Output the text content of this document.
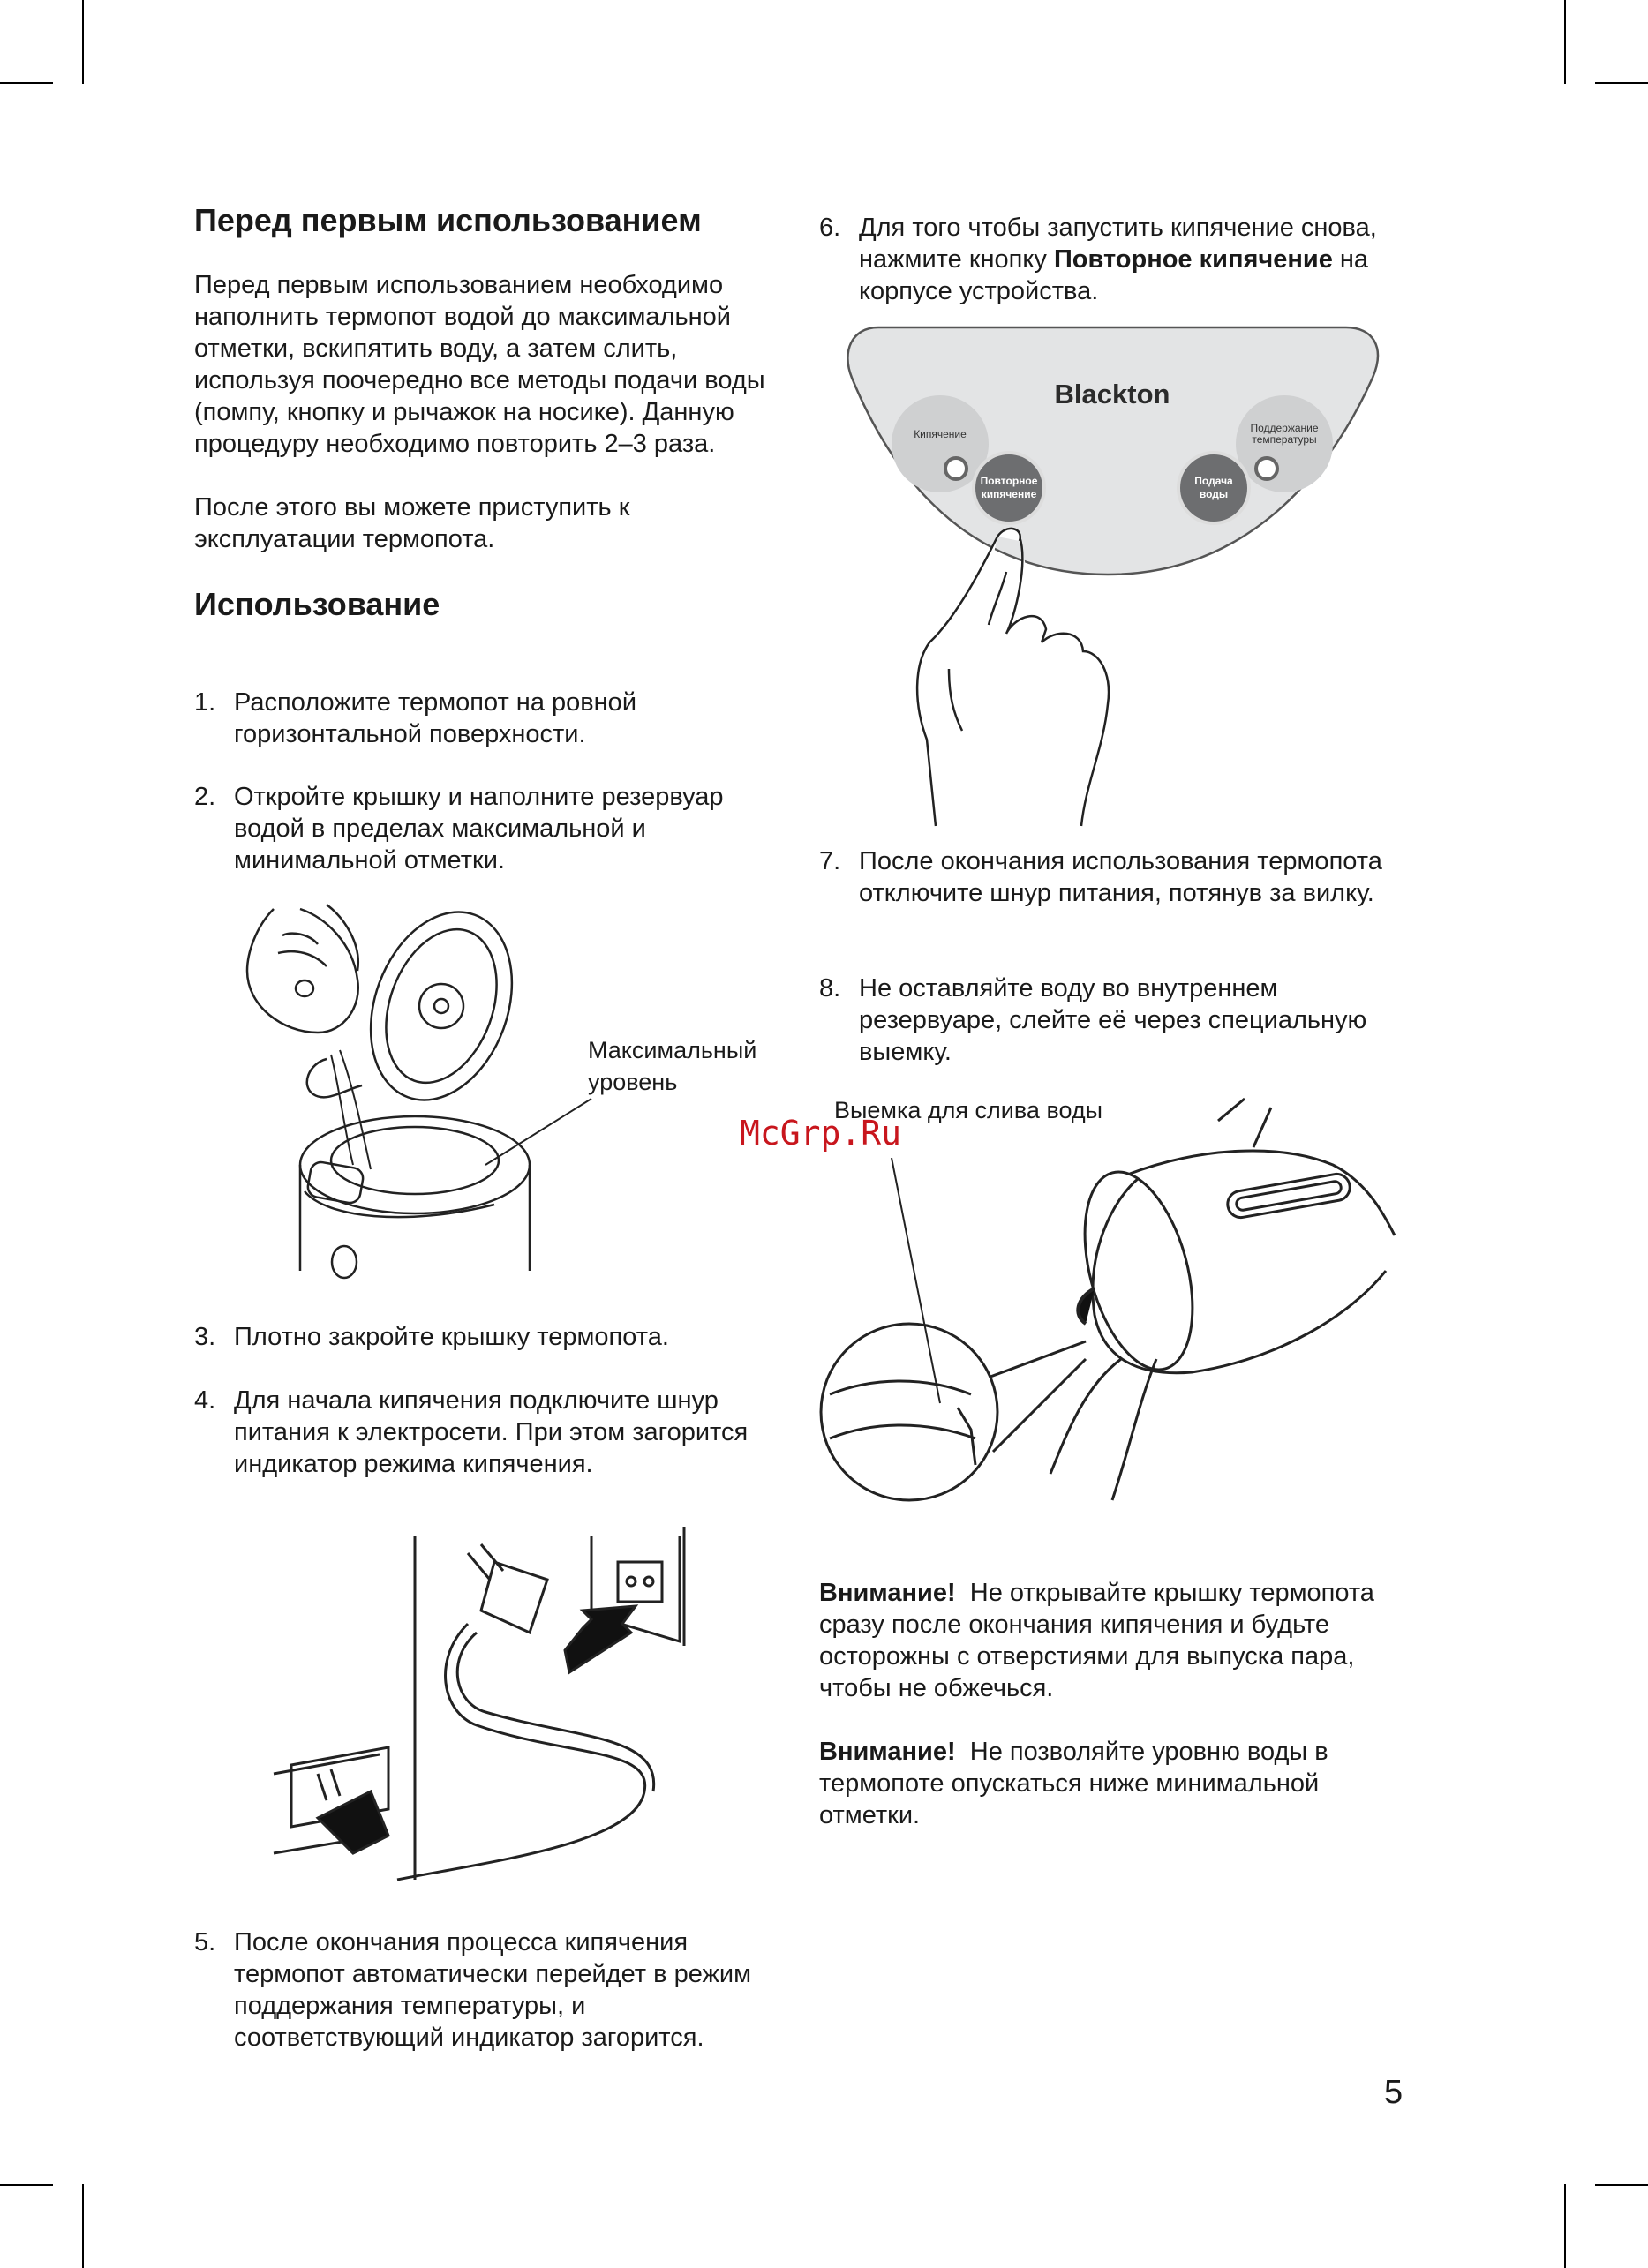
Перед первым использованием

Перед первым использованием необходимо наполнить термопот водой до максимальной отметки, вскипятить воду, а затем слить, используя поочередно все методы подачи воды (помпу, кнопку и рычажок на носике). Данную процедуру необходимо повторить 2–3 раза.

После этого вы можете приступить к эксплуатации термопота.

Использование
1. Расположите термопот на ровной горизонтальной поверхности.
2. Откройте крышку и наполните резервуар водой в пределах максимальной и минимальной отметки.
Максимальный уровень
3. Плотно закройте крышку термопота.
4. Для начала кипячения подключите шнур питания к электросети. При этом загорится индикатор режима кипячения.
5. После окончания процесса кипячения термопот автоматически перейдет в режим поддержания температуры, и соответствующий индикатор загорится.
6. Для того чтобы запустить кипячение снова, нажмите кнопку Повторное кипячение на корпусе устройства.
Blackton
Кипячение	Поддержание температуры
Повторное кипячение
Подача воды
7. После окончания использования термопота отключите шнур питания, потянув за вилку.
8. Не оставляйте воду во внутреннем резервуаре, слейте её через специальную выемку.
McGrp.Ru
Выемка для слива воды
Внимание! Не открывайте крышку термопота сразу после окончания кипячения и будьте осторожны с отверстиями для выпуска пара, чтобы не обжечься.
Внимание! Не позволяйте уровню воды в термопоте опускаться ниже минимальной отметки.
5
